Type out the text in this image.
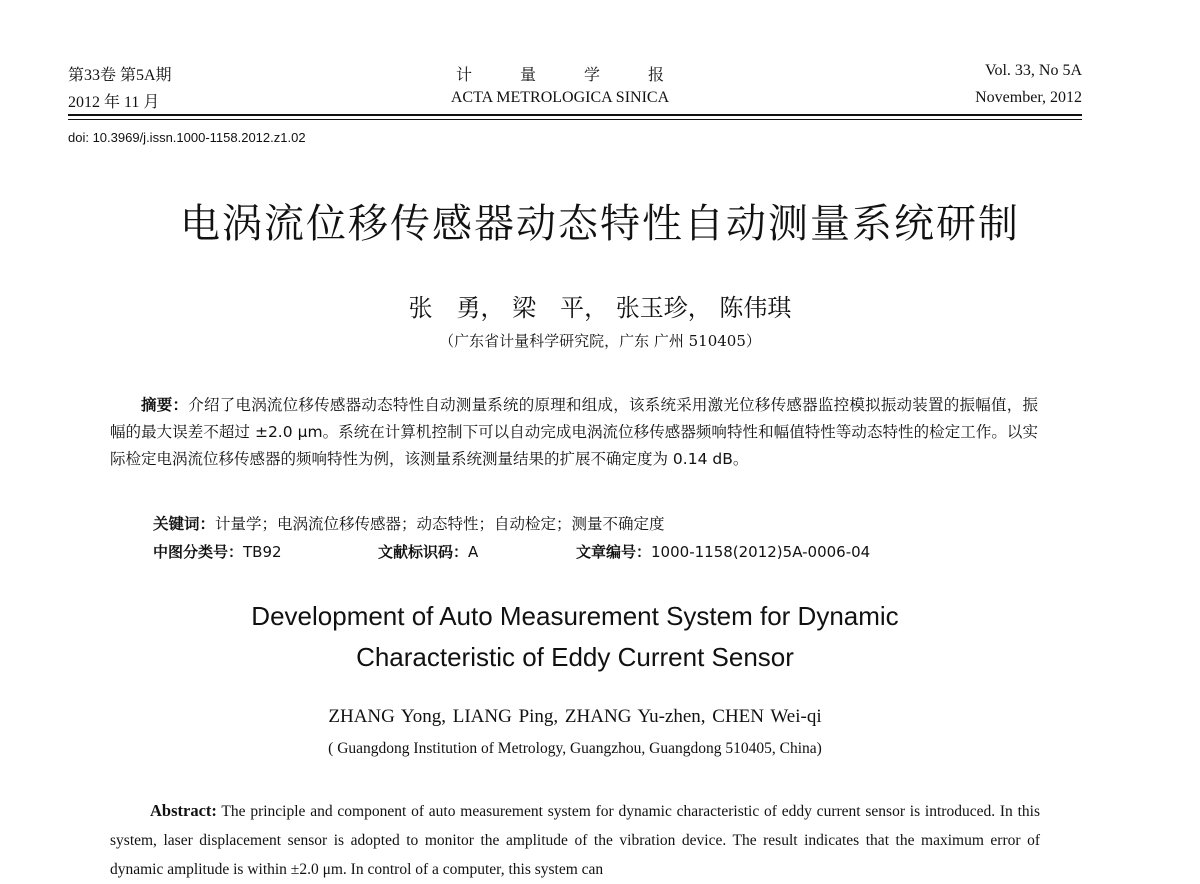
第33卷 第5A期
2012 年 11 月
计　　　量　　　学　　　报
ACTA METROLOGICA SINICA
Vol. 33, No 5A
November, 2012
doi: 10.3969/j.issn.1000-1158.2012.z1.02
电涡流位移传感器动态特性自动测量系统研制
张　勇， 梁　平， 张玉珍， 陈伟琪
（广东省计量科学研究院，广东 广州 510405）
摘要：介绍了电涡流位移传感器动态特性自动测量系统的原理和组成，该系统采用激光位移传感器监控模拟振动装置的振幅值，振幅的最大误差不超过 ±2.0 μm。系统在计算机控制下可以自动完成电涡流位移传感器频响特性和幅值特性等动态特性的检定工作。以实际检定电涡流位移传感器的频响特性为例，该测量系统测量结果的扩展不确定度为 0.14 dB。
关键词：计量学；电涡流位移传感器；动态特性；自动检定；测量不确定度
中图分类号：TB92	文献标识码：A	文章编号：1000-1158(2012)5A-0006-04
Development of Auto Measurement System for Dynamic
Characteristic of Eddy Current Sensor
ZHANG Yong, LIANG Ping, ZHANG Yu-zhen, CHEN Wei-qi
( Guangdong Institution of Metrology, Guangzhou, Guangdong 510405, China)
Abstract: The principle and component of auto measurement system for dynamic characteristic of eddy current sensor is introduced. In this system, laser displacement sensor is adopted to monitor the amplitude of the vibration device. The result indicates that the maximum error of dynamic amplitude is within ±2.0 μm. In control of a computer, this system can
